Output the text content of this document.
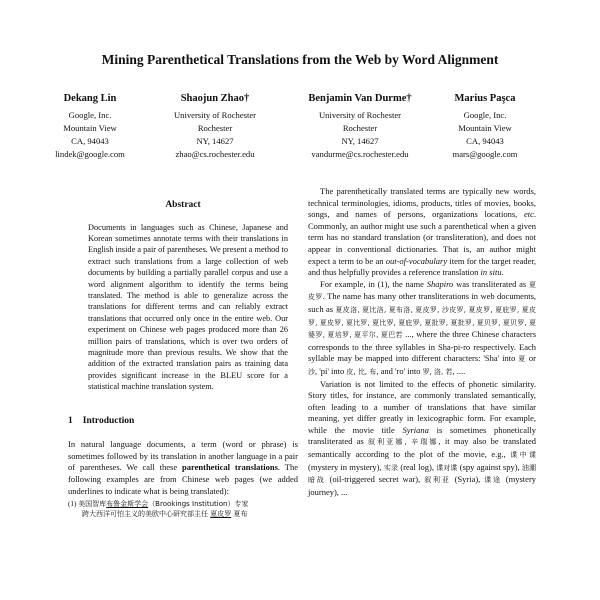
Mining Parenthetical Translations from the Web by Word Alignment
Dekang Lin
Google, Inc.
Mountain View
CA, 94043
lindek@google.com
Shaojun Zhao†
University of Rochester
Rochester
NY, 14627
zhao@cs.rochester.edu
Benjamin Van Durme†
University of Rochester
Rochester
NY, 14627
vandurme@cs.rochester.edu
Marius Paşca
Google, Inc.
Mountain View
CA, 94043
mars@google.com
Abstract

Documents in languages such as Chinese, Japanese and Korean sometimes annotate terms with their translations in English inside a pair of parentheses. We present a method to extract such translations from a large collection of web documents by building a partially parallel corpus and use a word alignment algorithm to identify the terms being translated. The method is able to generalize across the translations for different terms and can reliably extract translations that occurred only once in the entire web. Our experiment on Chinese web pages produced more than 26 million pairs of translations, which is over two orders of magnitude more than previous results. We show that the addition of the extracted translation pairs as training data provides significant increase in the BLEU score for a statistical machine translation system.

1 Introduction

In natural language documents, a term (word or phrase) is sometimes followed by its translation in another language in a pair of parentheses. We call these parenthetical translations. The following examples are from Chinese web pages (we added underlines to indicate what is being translated):

(1) 美国智库布鲁金斯学会（Brookings Institution）专家
跨大西洋可怕主义的美欧中心研究部主任 夏皮罗 夏布

The parenthetically translated terms are typically new words, technical terminologies, idioms, products, titles of movies, books, songs, and names of persons, organizations locations, etc. Commonly, an author might use such a parenthetical when a given term has no standard translation (or transliteration), and does not appear in conventional dictionaries. That is, an author might expect a term to be an out-of-vocabulary item for the target reader, and thus helpfully provides a reference translation in situ.

For example, in (1), the name Shapiro was transliterated as 夏皮罗. The name has many other transliterations in web documents, such as 夏皮洛, 夏比洛, 夏布洛, 夏皮罗, 沙皮罗, 夏皮罗, 夏庇罗, 夏皮罗, 夏皮罗, 夏比罗, 夏比罗, 夏庇罗, 夏批罗, 夏批罗, 夏贝罗, 夏贝罗, 夏婆罗, 夏培罗, 夏平尔, 夏巴若 ..., where the three Chinese characters corresponds to the three syllables in Sha-pi-ro respectively. Each syllable may be mapped into different characters: 'Sha' into 夏 or 沙, 'pi' into 皮, 比, 布, and 'ro' into 罗, 洛, 若, ....

Variation is not limited to the effects of phonetic similarity. Story titles, for instance, are commonly translated semantically, often leading to a number of translations that have similar meaning, yet differ greatly in lexicographic form. For example, while the movie title Syriana is sometimes phonetically transliterated as 叙利亚娜, 辛瑞娜, it may also be translated semantically according to the plot of the movie, e.g., 谍中谍 (mystery in mystery), 实录 (real log), 谍对谍 (spy against spy), 油潮暗战 (oil-triggered secret war), 叙利亚 (Syria), 谍途 (mystery journey), ...
